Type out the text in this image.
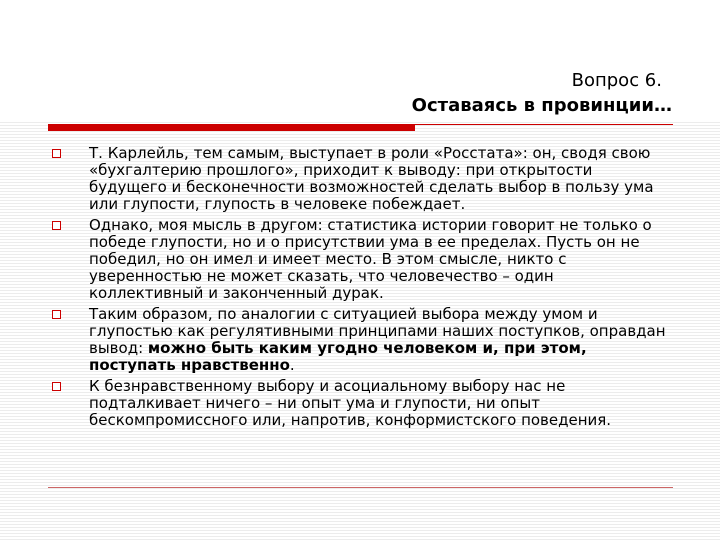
Вопрос 6.
Оставаясь в провинции…
Т. Карлейль, тем самым, выступает в роли «Росстата»: он, сводя свою «бухгалтерию прошлого», приходит к выводу: при открытости будущего и бесконечности возможностей сделать выбор в пользу ума или глупости, глупость в человеке побеждает.
Однако, моя мысль в другом: статистика истории говорит не только о победе глупости, но и о присутствии ума в ее пределах. Пусть он не победил, но он имел и имеет место. В этом смысле, никто с уверенностью не может сказать, что человечество – один коллективный и законченный дурак.
Таким образом, по аналогии с ситуацией выбора между умом и глупостью как регулятивными принципами наших поступков, оправдан вывод: можно быть каким угодно человеком и, при этом, поступать нравственно.
К безнравственному выбору и асоциальному выбору нас не подталкивает ничего – ни опыт ума и глупости, ни опыт бескомпромиссного или, напротив, конформистского поведения.
